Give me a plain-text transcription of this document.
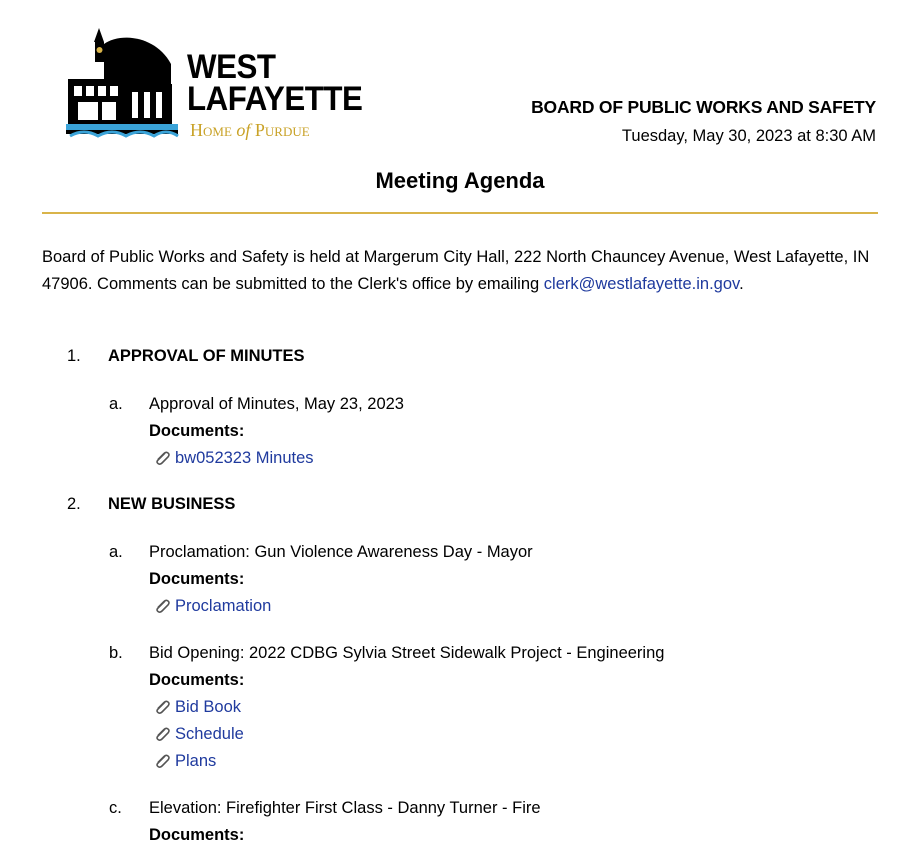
WEST
LAFAYETTE
Home of Purdue
BOARD OF PUBLIC WORKS AND SAFETY
Tuesday, May 30, 2023 at 8:30 AM
Meeting Agenda
Board of Public Works and Safety is held at Margerum City Hall, 222 North Chauncey Avenue, West Lafayette, IN 47906. Comments can be submitted to the Clerk's office by emailing clerk@westlafayette.in.gov.
1. APPROVAL OF MINUTES
a. Approval of Minutes, May 23, 2023
Documents:
bw052323 Minutes
2. NEW BUSINESS
a. Proclamation: Gun Violence Awareness Day - Mayor
Documents:
Proclamation
b. Bid Opening: 2022 CDBG Sylvia Street Sidewalk Project - Engineering
Documents:
Bid Book
Schedule
Plans
c. Elevation: Firefighter First Class - Danny Turner - Fire
Documents:
